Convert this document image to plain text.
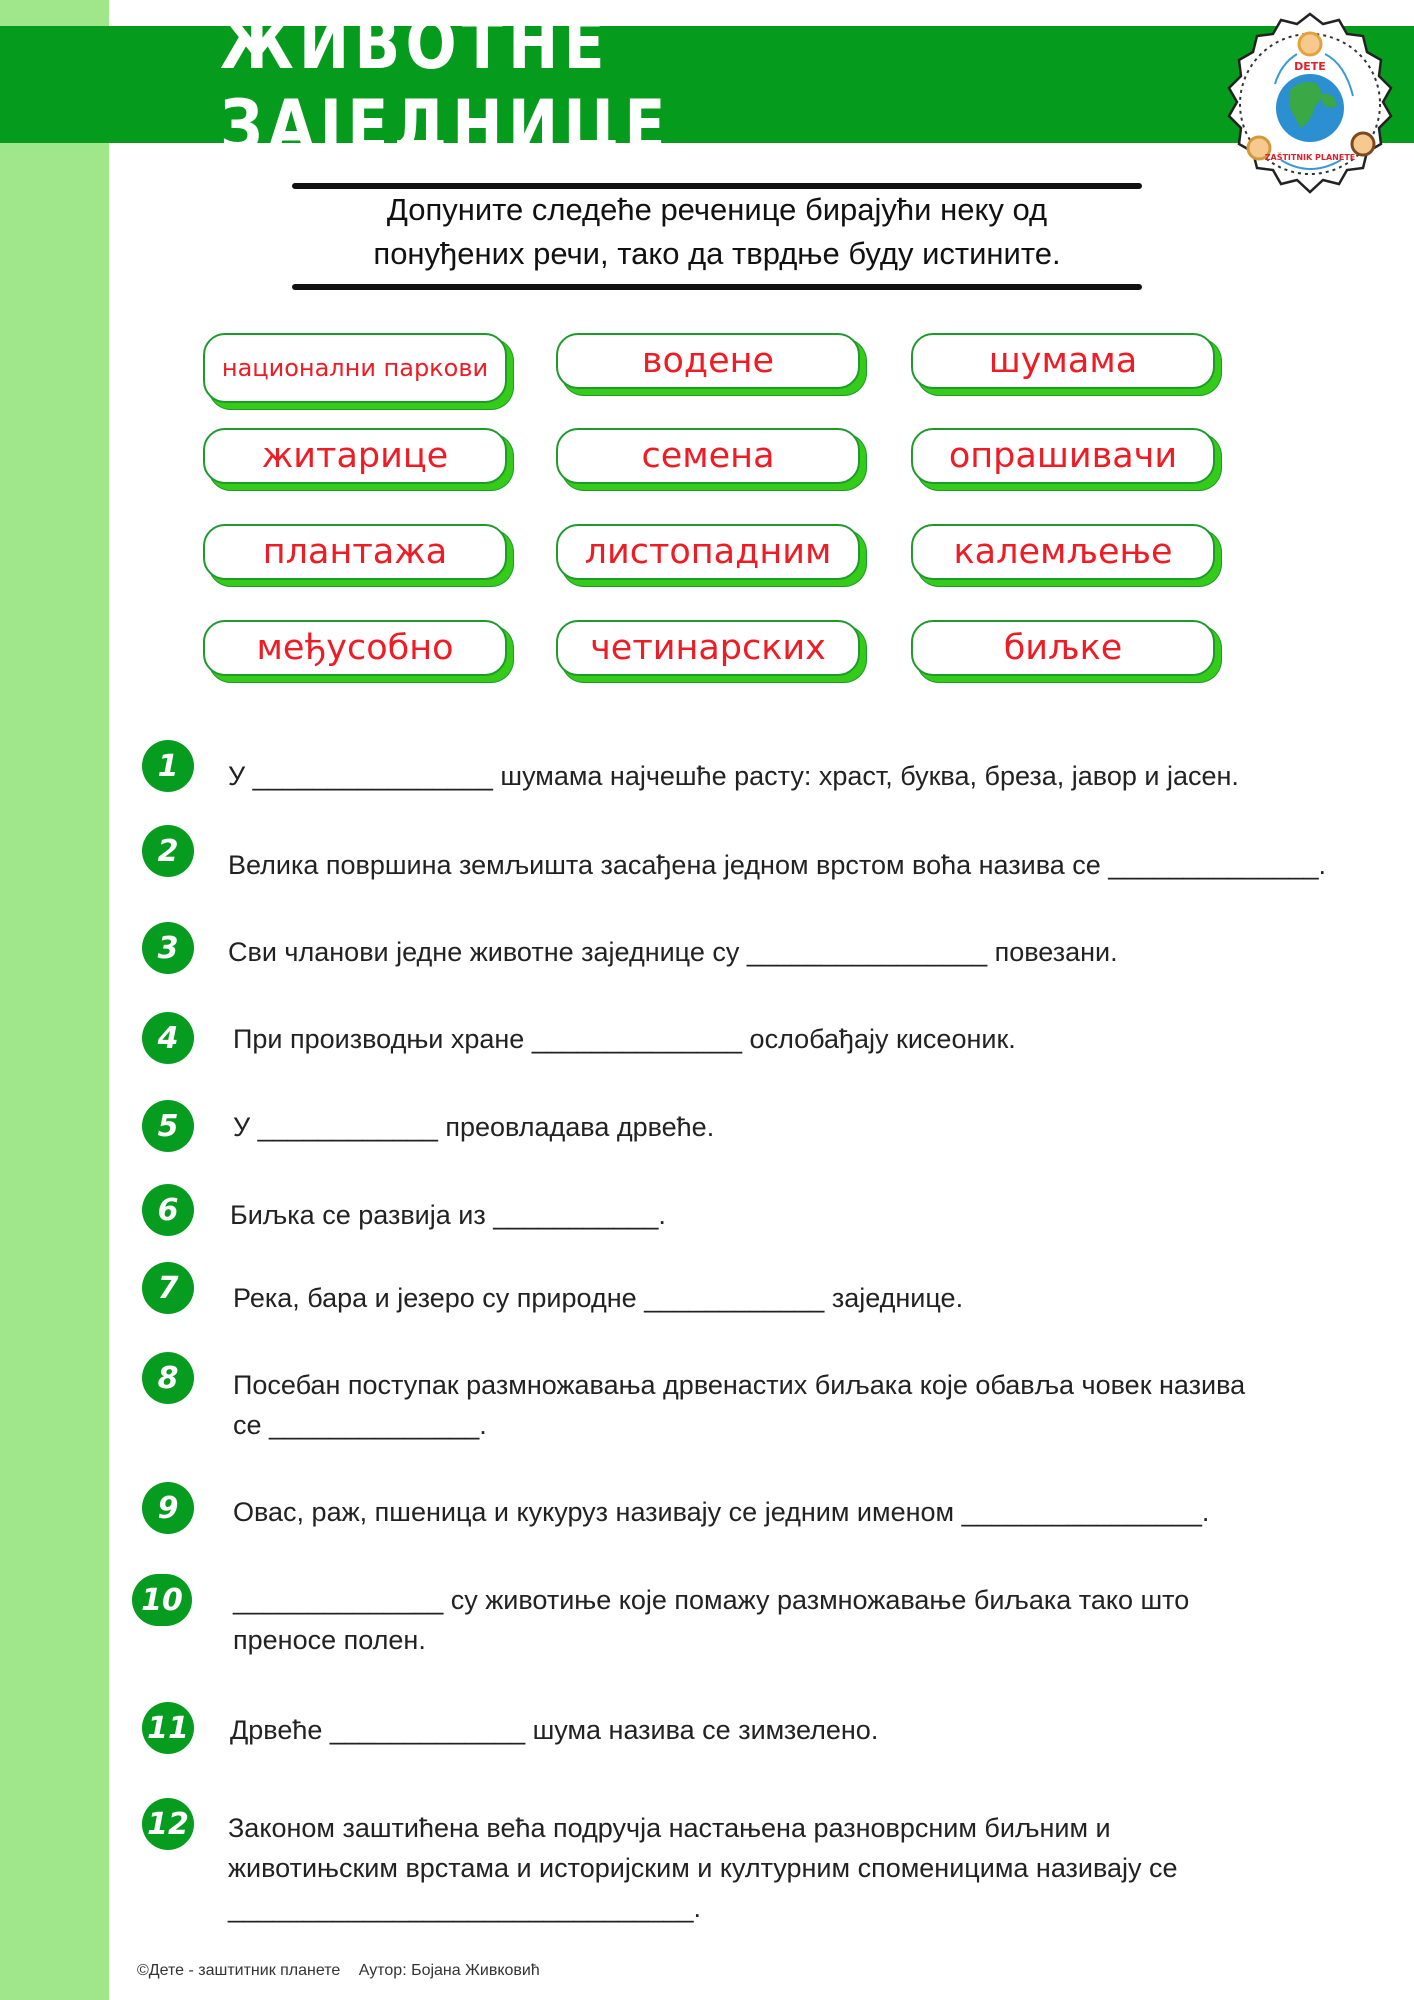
ЖИВОТНЕ ЗАЈЕДНИЦЕ
DETE
ZAŠTITNIK PLANETE
Допуните следеће реченице бирајући неку од
понуђених речи, тако да тврдње буду истините.
национални паркови	водене	шумама
житарице	семена	опрашивачи
плантажа	листопадним	калемљење
међусобно	четинарских	биљке
1	У ________________ шумама најчешће расту: храст, буква, бреза, јавор и јасен.
2	Велика површина земљишта засађена једном врстом воћа назива се ______________.
3	Сви чланови једне животне заједнице су ________________ повезани.
4	При производњи хране ______________ ослобађају кисеоник.
5	У ____________ преовладава дрвеће.
6	Биљка се развија из ___________.
7	Река, бара и језеро су природне ____________ заједнице.
8	Посебан поступак размножавања дрвенастих биљака које обавља човек назива
се ______________.
9	Овас, раж, пшеница и кукуруз називају се једним именом ________________.
10	______________ су животиње које помажу размножавање биљака тако што
преносе полен.
11 Дрвеће _____________ шума назива се зимзелено.
12 Законом заштићена већа подручја настањена разноврсним биљним и
животињским врстама и историјским и културним споменицима називају се
_______________________________.
©Дете - заштитник планете Аутор: Бојана Живковић
